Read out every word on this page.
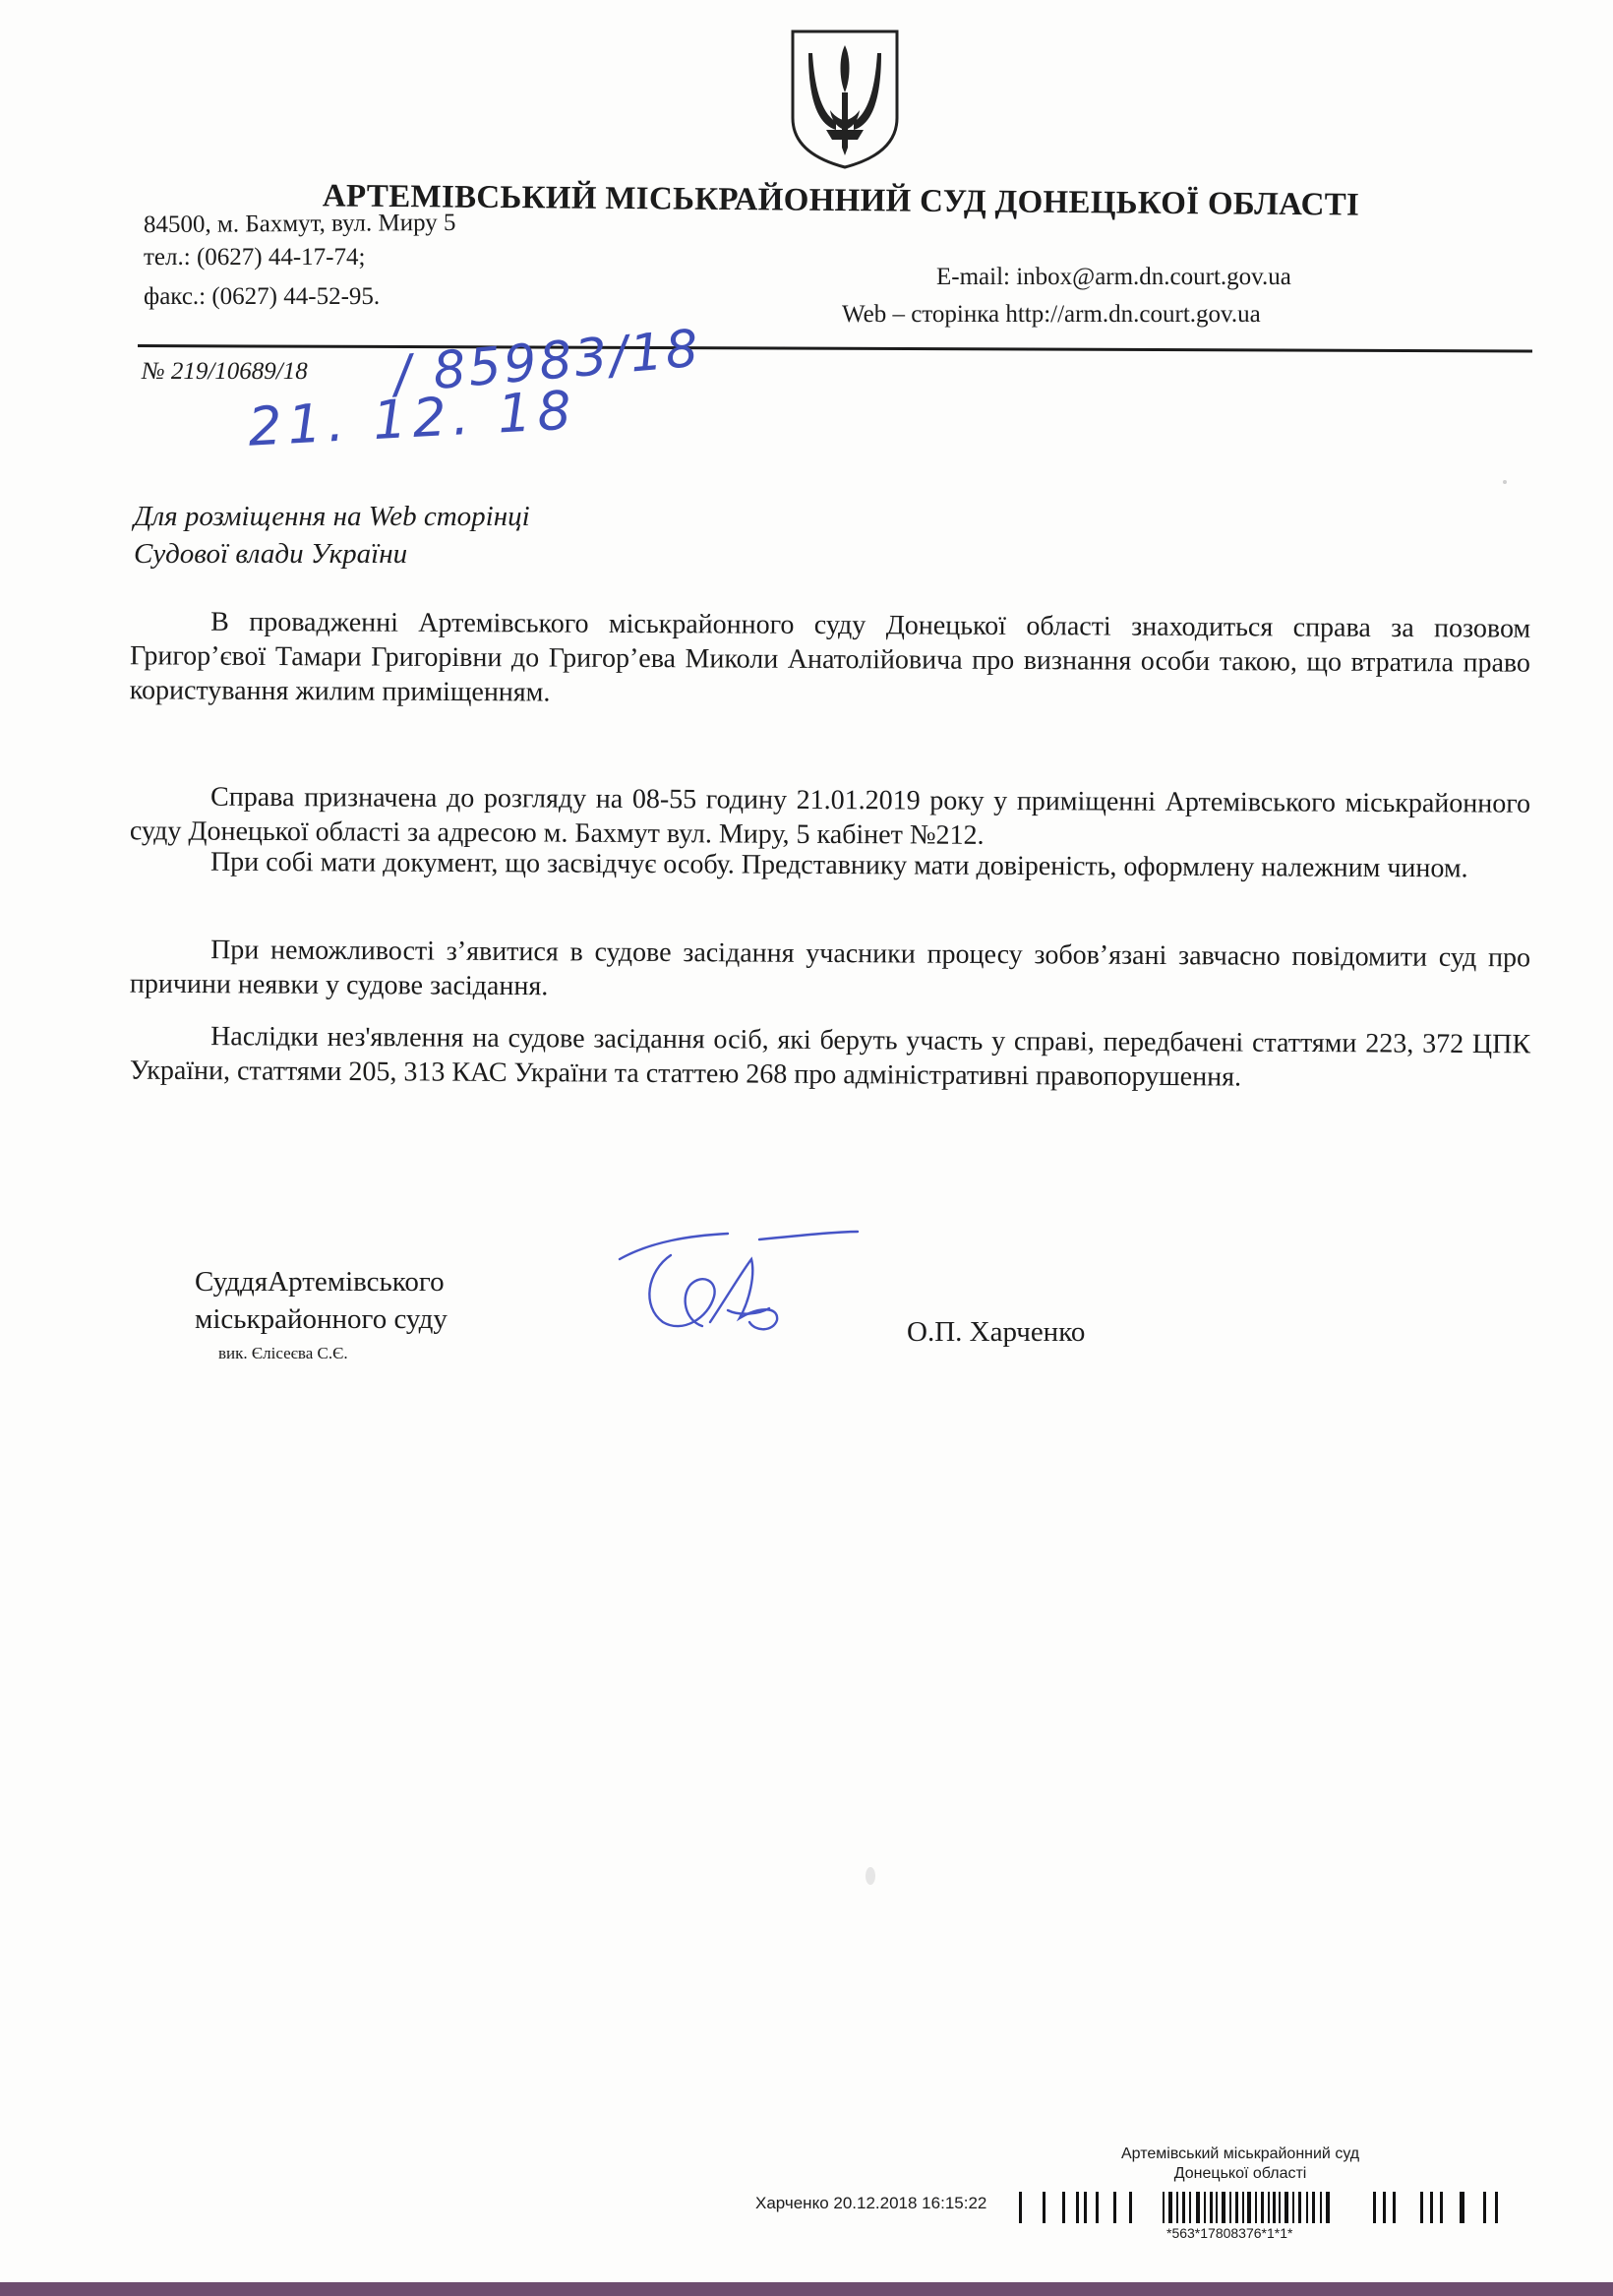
АРТЕМІВСЬКИЙ МІСЬКРАЙОННИЙ СУД ДОНЕЦЬКОЇ ОБЛАСТІ
84500, м. Бахмут, вул. Миру 5
тел.: (0627) 44-17-74;
факс.: (0627) 44-52-95.
E-mail: inbox@arm.dn.court.gov.ua
Web – сторінка http://arm.dn.court.gov.ua
№ 219/10689/18 / 85983/18
21. 12. 18
Для розміщення на Web сторінці
Судової влади України
В провадженні Артемівського міськрайонного суду Донецької області знаходиться справа за позовом Григор’євої Тамари Григорівни до Григор’ева Миколи Анатолійовича про визнання особи такою, що втратила право користування жилим приміщенням.
Справа призначена до розгляду на 08-55 годину 21.01.2019 року у приміщенні Артемівського міськрайонного суду Донецької області за адресою м. Бахмут вул. Миру, 5 кабінет №212.
При собі мати документ, що засвідчує особу. Представнику мати довіреність, оформлену належним чином.
При неможливості з’явитися в судове засідання учасники процесу зобов’язані завчасно повідомити суд про причини неявки у судове засідання.
Наслідки нез'явлення на судове засідання осіб, які беруть участь у справі, передбачені статтями 223, 372 ЦПК України, статтями 205, 313 КАС України та статтею 268 про адміністративні правопорушення.
СуддяАртемівського
міськрайонного суду
вик. Єлісеєва С.Є.
О.П. Харченко
Артемівський міськрайонний суд
Донецької області
Харченко 20.12.2018 16:15:22
*563*17808376*1*1*
